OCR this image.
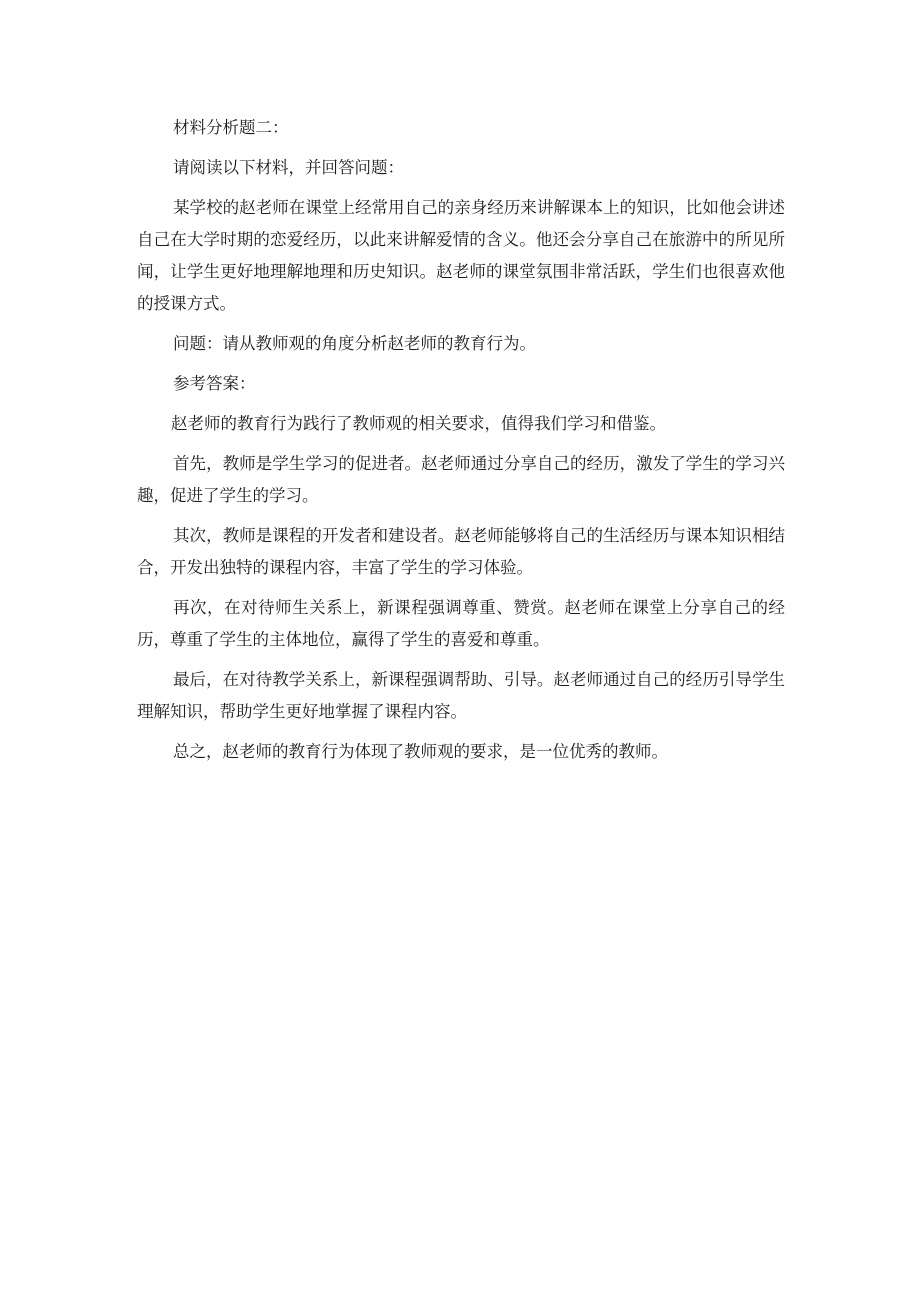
材料分析题二：

请阅读以下材料，并回答问题：

某学校的赵老师在课堂上经常用自己的亲身经历来讲解课本上的知识，比如他会讲述自己在大学时期的恋爱经历，以此来讲解爱情的含义。他还会分享自己在旅游中的所见所闻，让学生更好地理解地理和历史知识。赵老师的课堂氛围非常活跃，学生们也很喜欢他的授课方式。

问题：请从教师观的角度分析赵老师的教育行为。

参考答案：

赵老师的教育行为践行了教师观的相关要求，值得我们学习和借鉴。

首先，教师是学生学习的促进者。赵老师通过分享自己的经历，激发了学生的学习兴趣，促进了学生的学习。

其次，教师是课程的开发者和建设者。赵老师能够将自己的生活经历与课本知识相结合，开发出独特的课程内容，丰富了学生的学习体验。

再次，在对待师生关系上，新课程强调尊重、赞赏。赵老师在课堂上分享自己的经历，尊重了学生的主体地位，赢得了学生的喜爱和尊重。

最后，在对待教学关系上，新课程强调帮助、引导。赵老师通过自己的经历引导学生理解知识，帮助学生更好地掌握了课程内容。

总之，赵老师的教育行为体现了教师观的要求，是一位优秀的教师。
